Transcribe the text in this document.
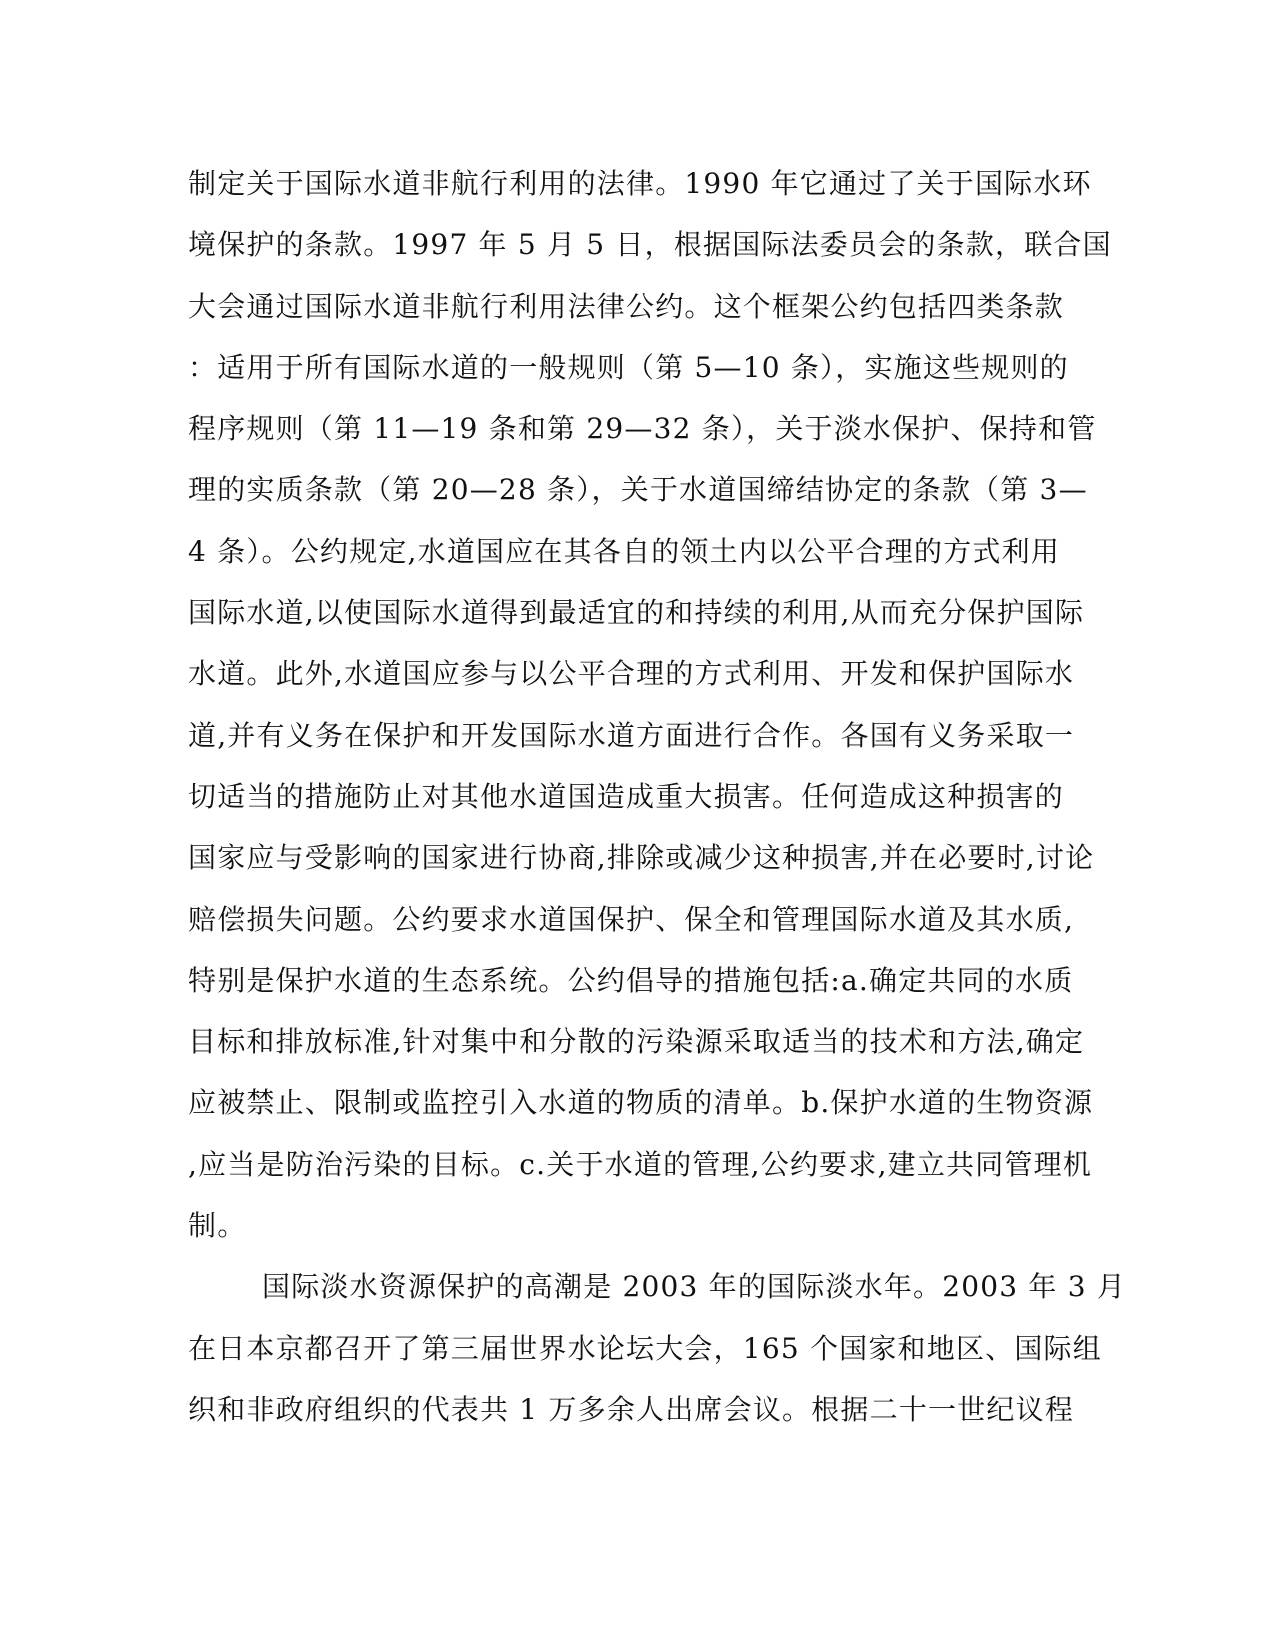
制定关于国际水道非航行利用的法律。1990 年它通过了关于国际水环
境保护的条款。1997 年 5 月 5 日，根据国际法委员会的条款，联合国
大会通过国际水道非航行利用法律公约。这个框架公约包括四类条款
：适用于所有国际水道的一般规则（第 5—10 条），实施这些规则的
程序规则（第 11—19 条和第 29—32 条），关于淡水保护、保持和管
理的实质条款（第 20—28 条），关于水道国缔结协定的条款（第 3—
4 条）。公约规定,水道国应在其各自的领土内以公平合理的方式利用
国际水道,以使国际水道得到最适宜的和持续的利用,从而充分保护国际
水道。此外,水道国应参与以公平合理的方式利用、开发和保护国际水
道,并有义务在保护和开发国际水道方面进行合作。各国有义务采取一
切适当的措施防止对其他水道国造成重大损害。任何造成这种损害的
国家应与受影响的国家进行协商,排除或减少这种损害,并在必要时,讨论
赔偿损失问题。公约要求水道国保护、保全和管理国际水道及其水质,
特别是保护水道的生态系统。公约倡导的措施包括:a.确定共同的水质
目标和排放标准,针对集中和分散的污染源采取适当的技术和方法,确定
应被禁止、限制或监控引入水道的物质的清单。b.保护水道的生物资源
,应当是防治污染的目标。c.关于水道的管理,公约要求,建立共同管理机
制。
国际淡水资源保护的高潮是 2003 年的国际淡水年。2003 年 3 月
在日本京都召开了第三届世界水论坛大会，165 个国家和地区、国际组
织和非政府组织的代表共 1 万多余人出席会议。根据二十一世纪议程
